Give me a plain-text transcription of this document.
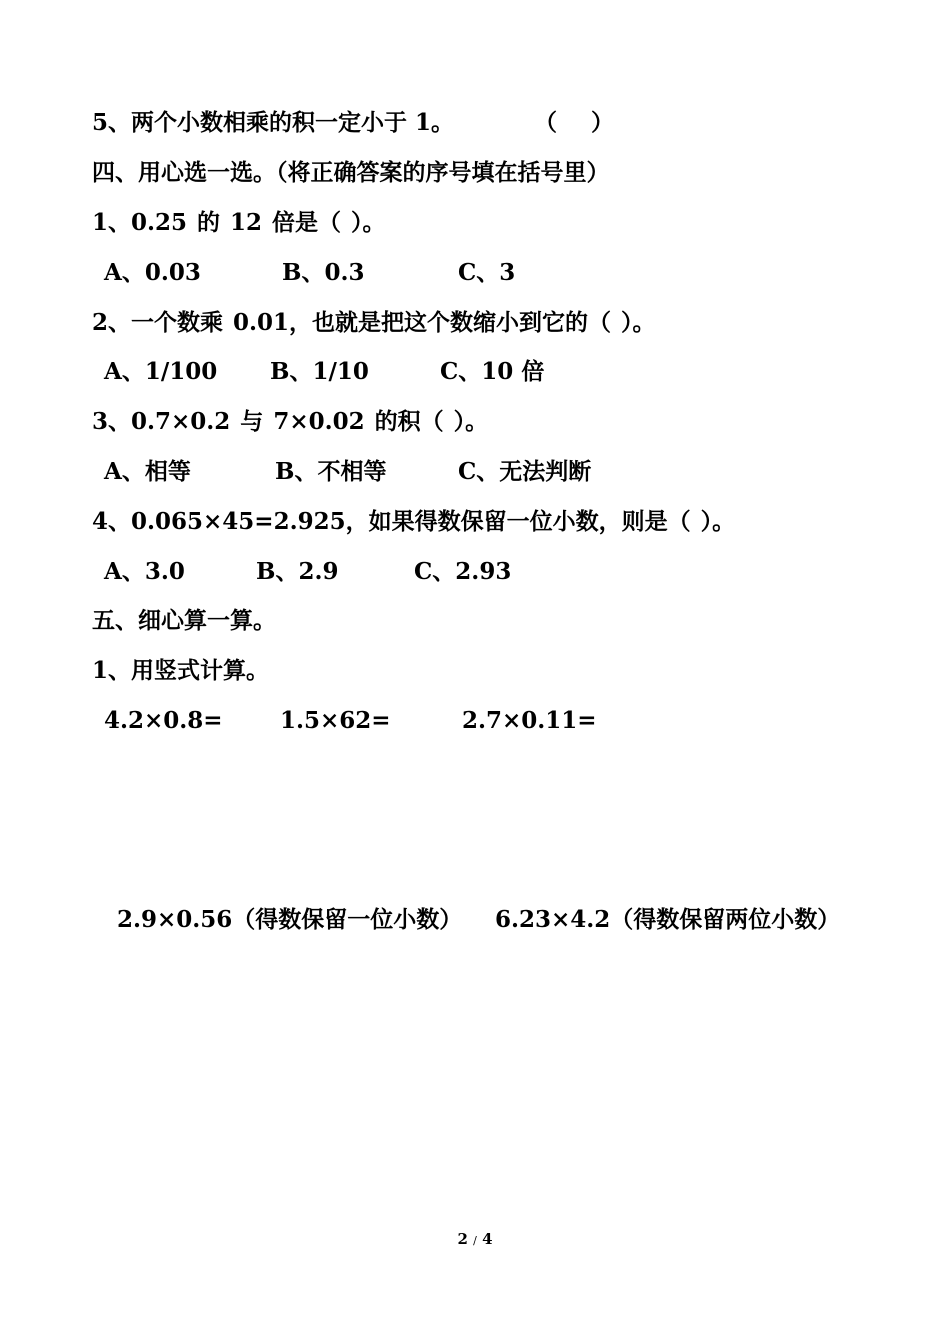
5、两个小数相乘的积一定小于 1。	（ ）
四、用心选一选。（将正确答案的序号填在括号里）
1、0.25 的 12 倍是（ ）。
A、0.03	B、0.3	C、3
2、一个数乘 0.01，也就是把这个数缩小到它的（ ）。
A、1/100 B、1/10	C、10 倍
3、0.7×0.2 与 7×0.02 的积（ ）。
A、相等	B、不相等	C、无法判断
4、0.065×45=2.925，如果得数保留一位小数，则是（ ）。
A、3.0	B、2.9	C、2.93
五、细心算一算。
1、用竖式计算。
4.2×0.8= 1.5×62=	2.7×0.11=
2.9×0.56（得数保留一位小数） 6.23×4.2（得数保留两位小数）
2 / 4
